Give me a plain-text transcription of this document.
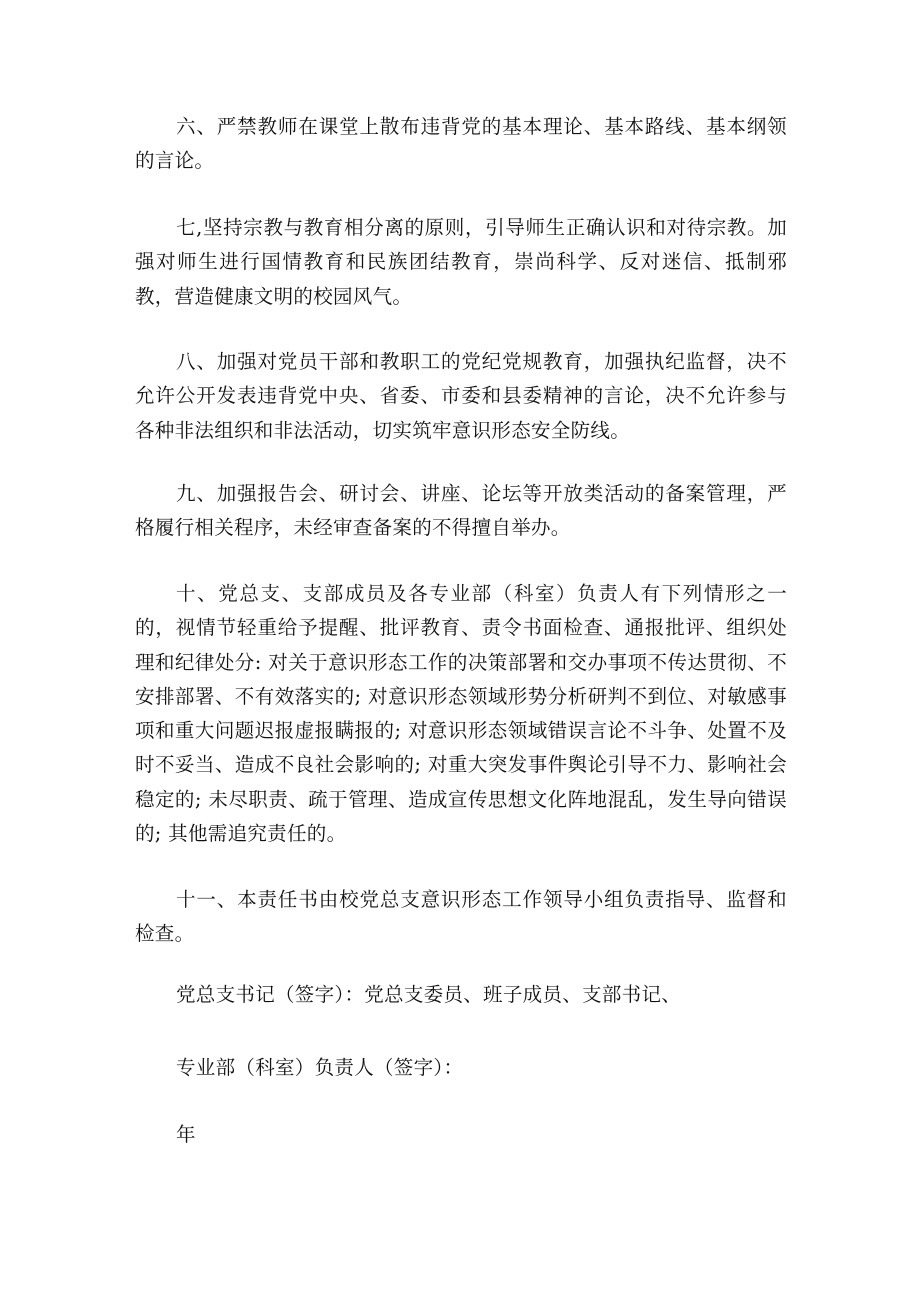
六、严禁教师在课堂上散布违背党的基本理论、基本路线、基本纲领的言论。

七,坚持宗教与教育相分离的原则，引导师生正确认识和对待宗教。加强对师生进行国情教育和民族团结教育，崇尚科学、反对迷信、抵制邪教，营造健康文明的校园风气。

八、加强对党员干部和教职工的党纪党规教育，加强执纪监督，决不允许公开发表违背党中央、省委、市委和县委精神的言论，决不允许参与各种非法组织和非法活动，切实筑牢意识形态安全防线。

九、加强报告会、研讨会、讲座、论坛等开放类活动的备案管理，严格履行相关程序，未经审查备案的不得擅自举办。

十、党总支、支部成员及各专业部（科室）负责人有下列情形之一的，视情节轻重给予提醒、批评教育、责令书面检查、通报批评、组织处理和纪律处分: 对关于意识形态工作的决策部署和交办事项不传达贯彻、不安排部署、不有效落实的; 对意识形态领域形势分析研判不到位、对敏感事项和重大问题迟报虚报瞒报的; 对意识形态领域错误言论不斗争、处置不及时不妥当、造成不良社会影响的; 对重大突发事件舆论引导不力、影响社会稳定的; 未尽职责、疏于管理、造成宣传思想文化阵地混乱，发生导向错误的; 其他需追究责任的。

十一、本责任书由校党总支意识形态工作领导小组负责指导、监督和检查。

党总支书记（签字）：党总支委员、班子成员、支部书记、

专业部（科室）负责人（签字）：

年
